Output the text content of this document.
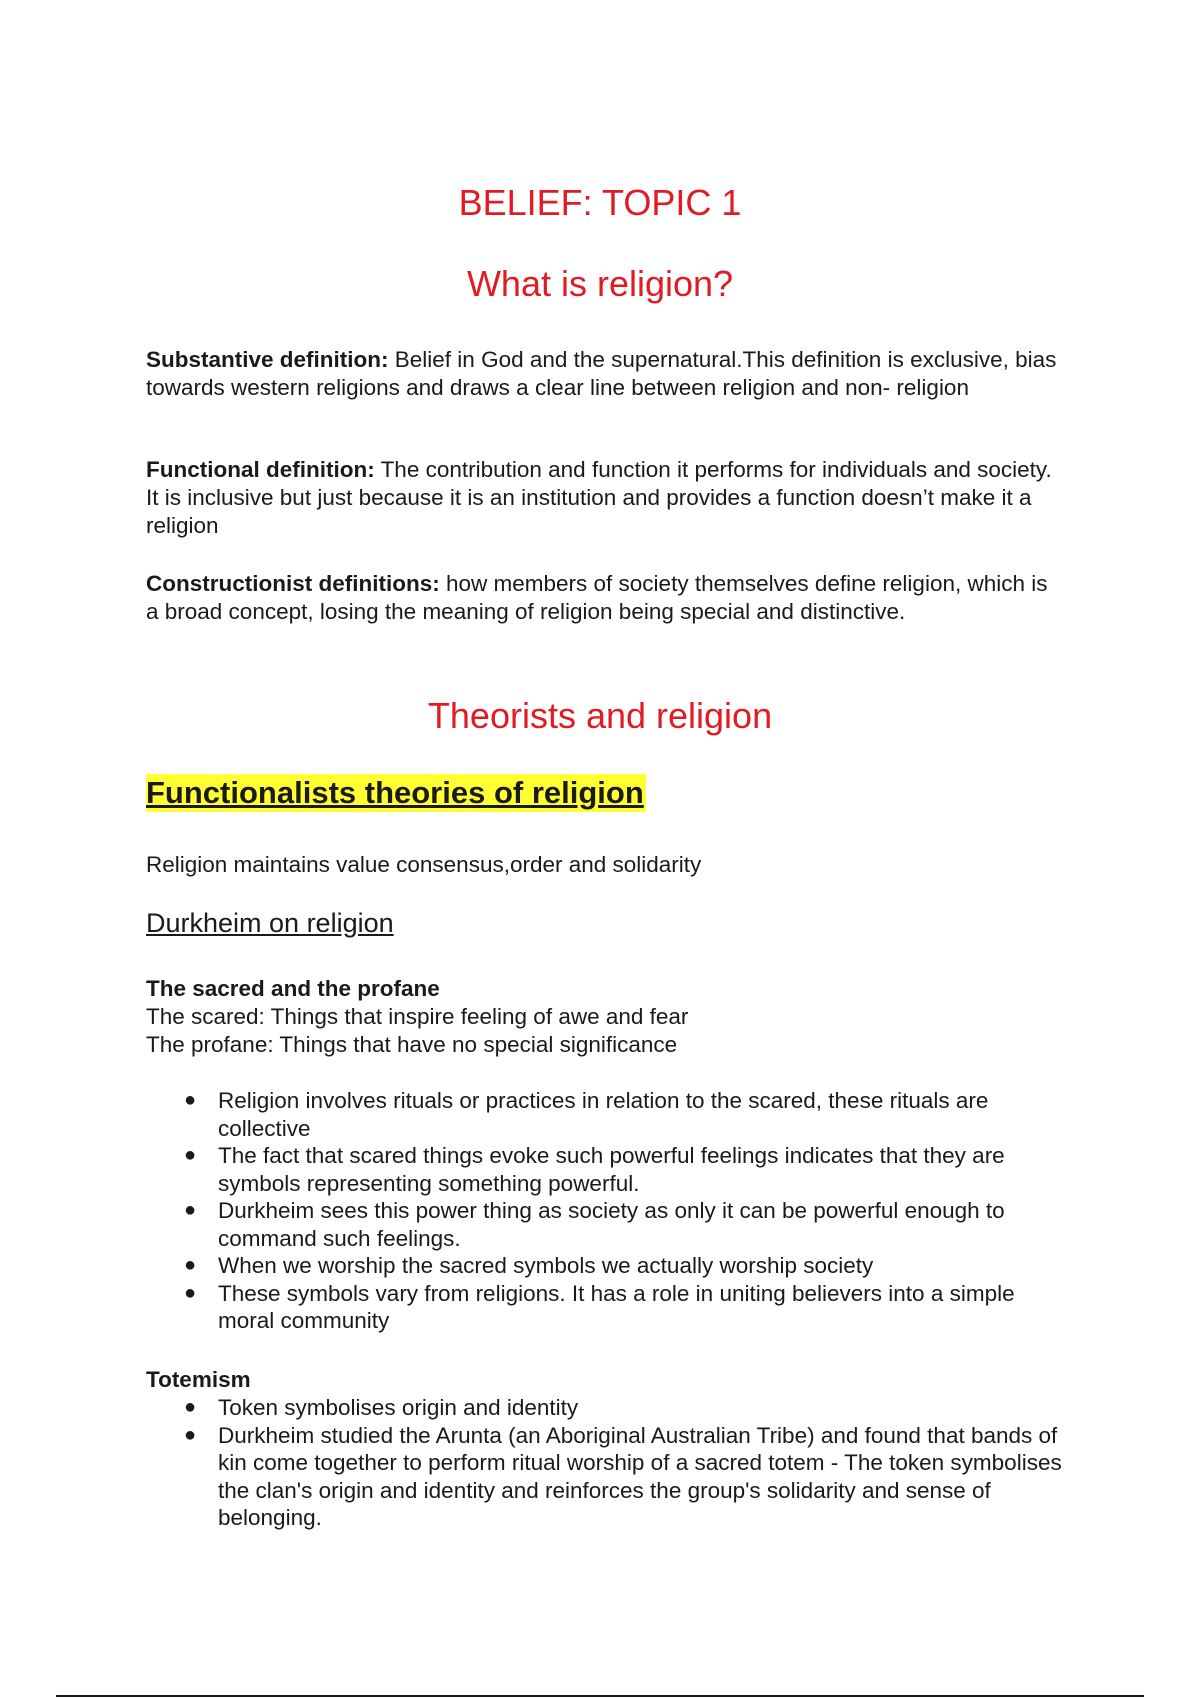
BELIEF: TOPIC 1
What is religion?

Substantive definition: Belief in God and the supernatural.This definition is exclusive, bias towards western religions and draws a clear line between religion and non- religion

Functional definition: The contribution and function it performs for individuals and society. It is inclusive but just because it is an institution and provides a function doesn’t make it a religion

Constructionist definitions: how members of society themselves define religion, which is a broad concept, losing the meaning of religion being special and distinctive.

Theorists and religion
Functionalists theories of religion

Religion maintains value consensus,order and solidarity

Durkheim on religion
The sacred and the profane
The scared: Things that inspire feeling of awe and fear
The profane: Things that have no special significance
● Religion involves rituals or practices in relation to the scared, these rituals are collective
● The fact that scared things evoke such powerful feelings indicates that they are symbols representing something powerful.
● Durkheim sees this power thing as society as only it can be powerful enough to command such feelings.
● When we worship the sacred symbols we actually worship society
● These symbols vary from religions. It has a role in uniting believers into a simple moral community
Totemism
● Token symbolises origin and identity
● Durkheim studied the Arunta (an Aboriginal Australian Tribe) and found that bands of kin come together to perform ritual worship of a sacred totem - The token symbolises the clan's origin and identity and reinforces the group's solidarity and sense of belonging.
